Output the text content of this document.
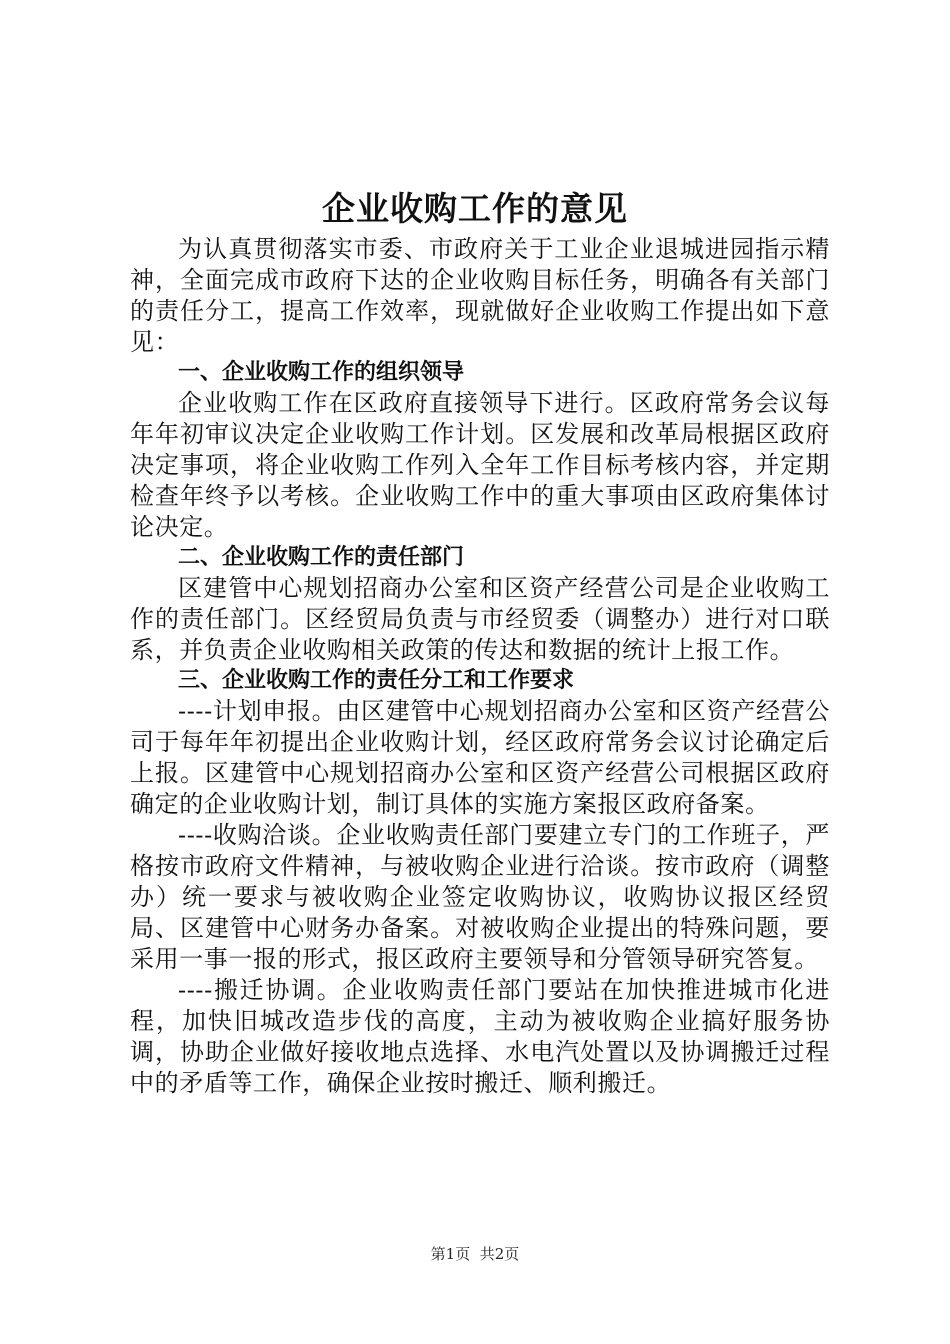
企业收购工作的意见

为认真贯彻落实市委、市政府关于工业企业退城进园指示精神，全面完成市政府下达的企业收购目标任务，明确各有关部门的责任分工，提高工作效率，现就做好企业收购工作提出如下意见：

一、企业收购工作的组织领导

企业收购工作在区政府直接领导下进行。区政府常务会议每年年初审议决定企业收购工作计划。区发展和改革局根据区政府决定事项，将企业收购工作列入全年工作目标考核内容，并定期检查年终予以考核。企业收购工作中的重大事项由区政府集体讨论决定。

二、企业收购工作的责任部门

区建管中心规划招商办公室和区资产经营公司是企业收购工作的责任部门。区经贸局负责与市经贸委（调整办）进行对口联系，并负责企业收购相关政策的传达和数据的统计上报工作。

三、企业收购工作的责任分工和工作要求

----计划申报。由区建管中心规划招商办公室和区资产经营公司于每年年初提出企业收购计划，经区政府常务会议讨论确定后上报。区建管中心规划招商办公室和区资产经营公司根据区政府确定的企业收购计划，制订具体的实施方案报区政府备案。

----收购洽谈。企业收购责任部门要建立专门的工作班子，严格按市政府文件精神，与被收购企业进行洽谈。按市政府（调整办）统一要求与被收购企业签定收购协议，收购协议报区经贸局、区建管中心财务办备案。对被收购企业提出的特殊问题，要采用一事一报的形式，报区政府主要领导和分管领导研究答复。

----搬迁协调。企业收购责任部门要站在加快推进城市化进程，加快旧城改造步伐的高度，主动为被收购企业搞好服务协调，协助企业做好接收地点选择、水电汽处置以及协调搬迁过程中的矛盾等工作，确保企业按时搬迁、顺利搬迁。

第1页 共2页
